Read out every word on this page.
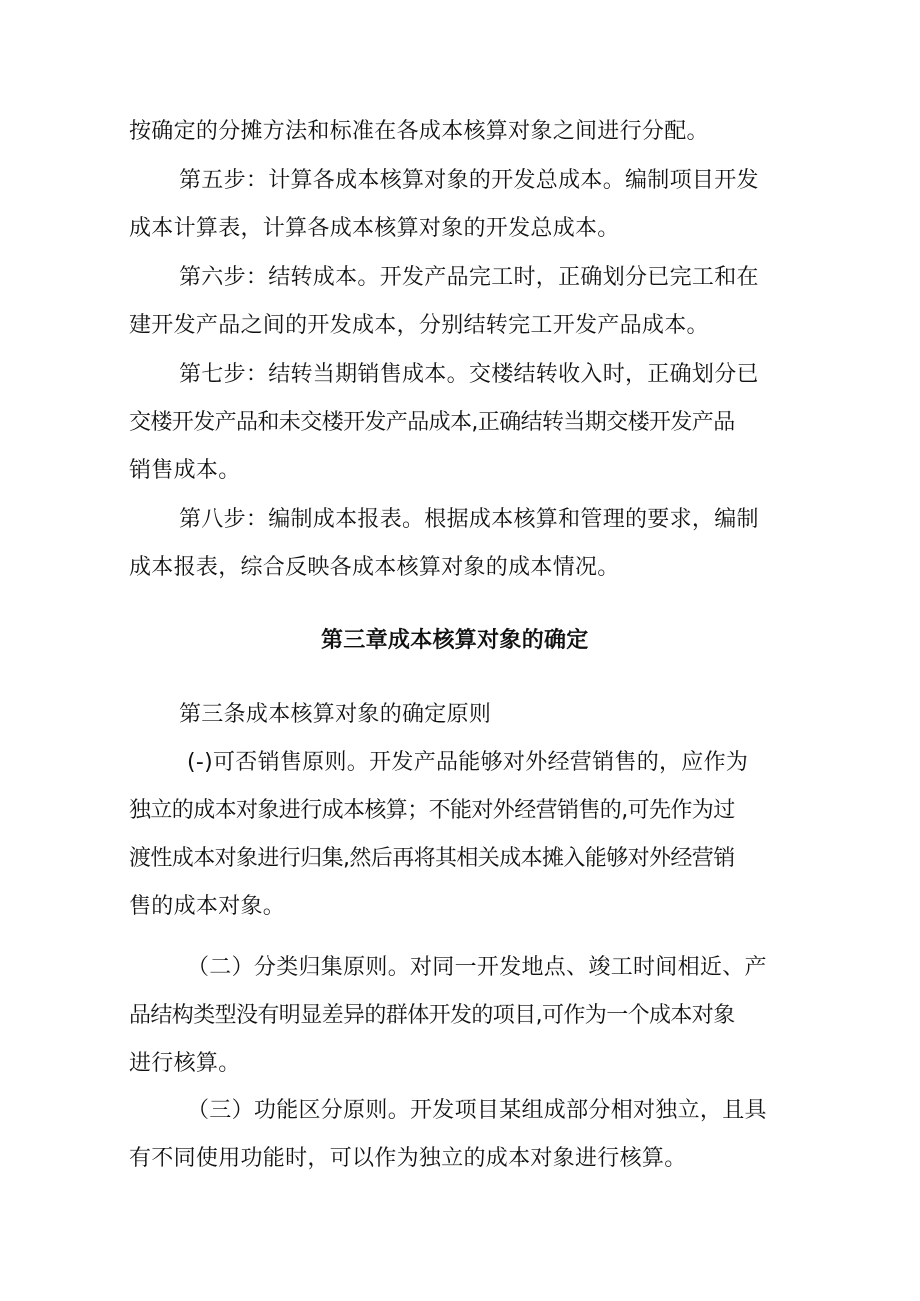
按确定的分摊方法和标准在各成本核算对象之间进行分配。
第五步：计算各成本核算对象的开发总成本。编制项目开发
成本计算表，计算各成本核算对象的开发总成本。
第六步：结转成本。开发产品完工时，正确划分已完工和在
建开发产品之间的开发成本，分别结转完工开发产品成本。
第七步：结转当期销售成本。交楼结转收入时，正确划分已
交楼开发产品和未交楼开发产品成本,正确结转当期交楼开发产品
销售成本。
第八步：编制成本报表。根据成本核算和管理的要求，编制
成本报表，综合反映各成本核算对象的成本情况。
第三章成本核算对象的确定
第三条成本核算对象的确定原则
(-)可否销售原则。开发产品能够对外经营销售的，应作为
独立的成本对象进行成本核算；不能对外经营销售的,可先作为过
渡性成本对象进行归集,然后再将其相关成本摊入能够对外经营销
售的成本对象。
（二）分类归集原则。对同一开发地点、竣工时间相近、产
品结构类型没有明显差异的群体开发的项目,可作为一个成本对象
进行核算。
（三）功能区分原则。开发项目某组成部分相对独立，且具
有不同使用功能时，可以作为独立的成本对象进行核算。
